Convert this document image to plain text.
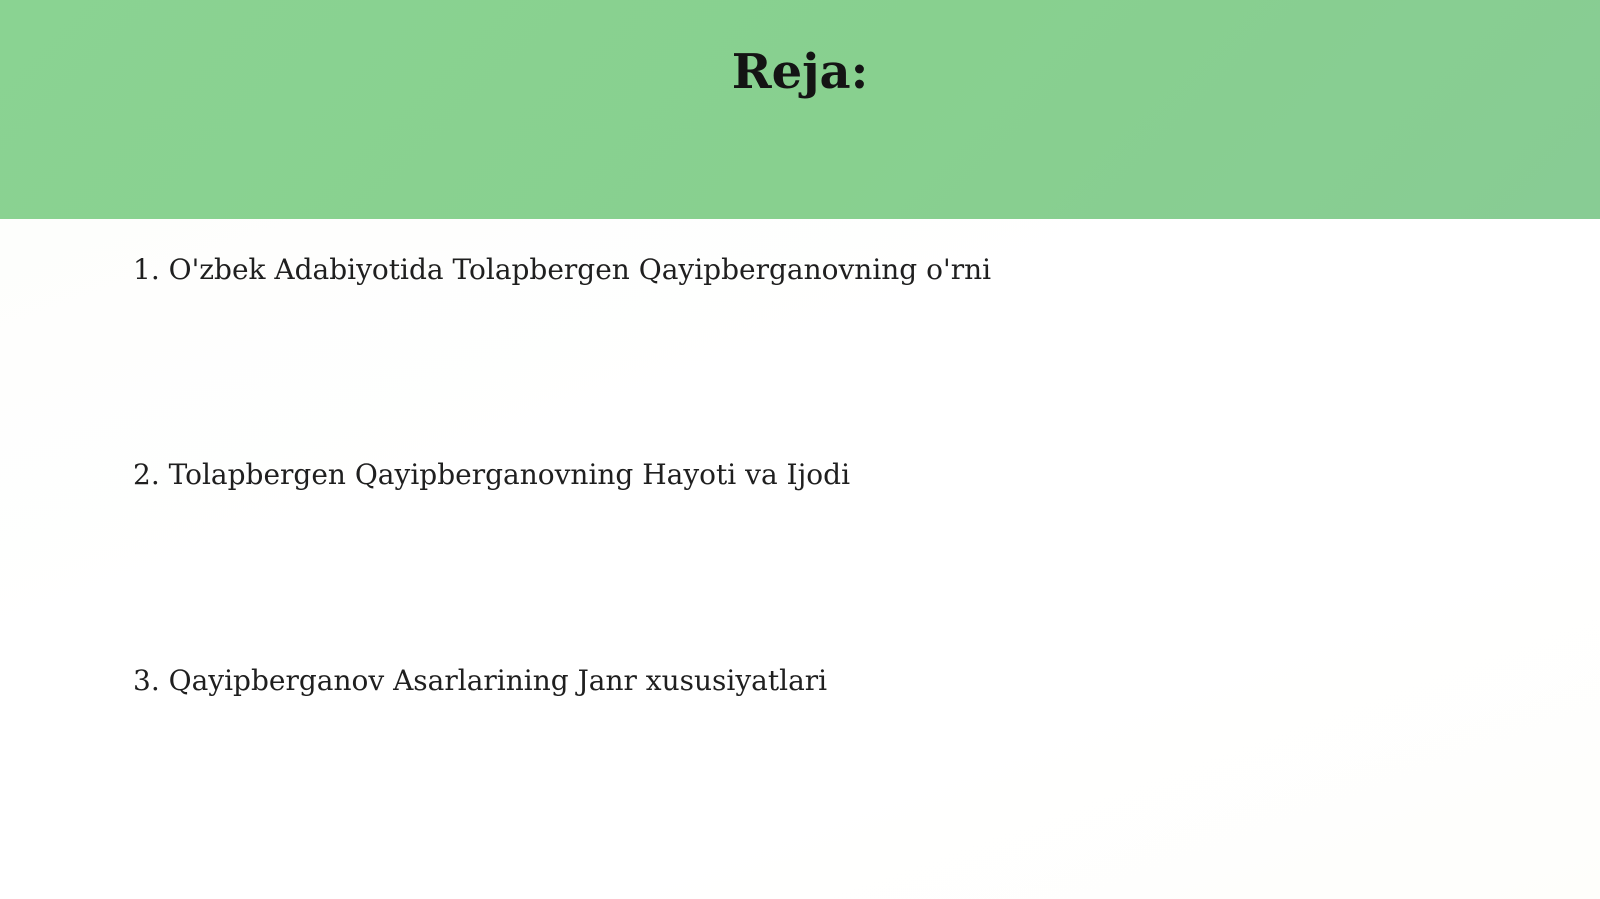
Reja:
1. O'zbek Adabiyotida Tolapbergen Qayipberganovning o'rni
2. Tolapbergen Qayipberganovning Hayoti va Ijodi
3. Qayipberganov Asarlarining Janr xususiyatlari
